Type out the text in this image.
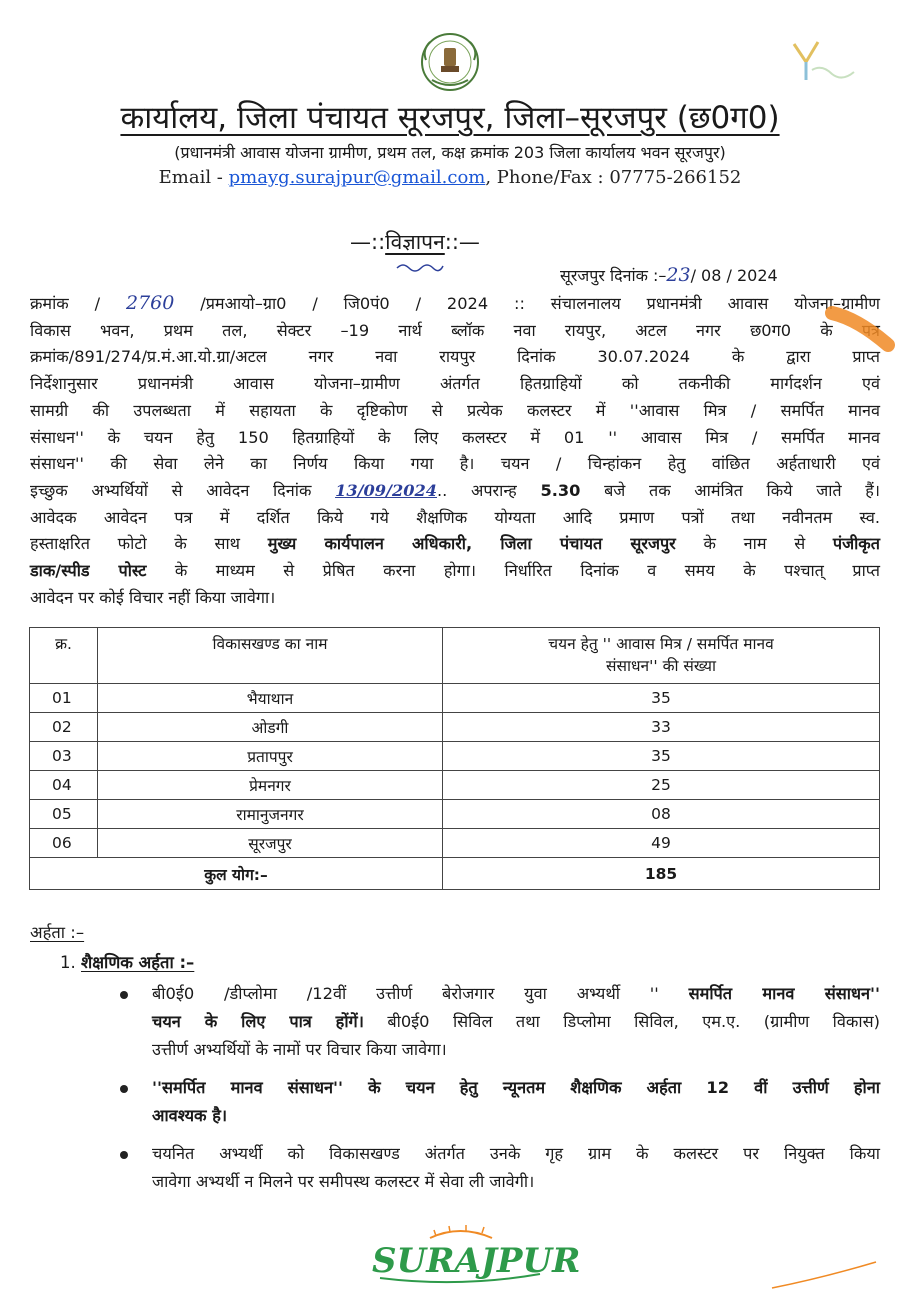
कार्यालय, जिला पंचायत सूरजपुर, जिला–सूरजपुर (छ0ग0)
(प्रधानमंत्री आवास योजना ग्रामीण, प्रथम तल, कक्ष क्रमांक 203 जिला कार्यालय भवन सूरजपुर)
Email - pmayg.surajpur@gmail.com, Phone/Fax : 07775-266152
—::विज्ञापन::—
सूरजपुर दिनांक :–23/ 08 / 2024
क्रमांक / 2760 /प्रमआयो–ग्रा0 / जि0पं0 / 2024 :: संचालनालय प्रधानमंत्री आवास योजना–ग्रामीण
विकास भवन, प्रथम तल, सेक्टर –19 नार्थ ब्लॉक नवा रायपुर, अटल नगर छ0ग0 के पत्र
क्रमांक/891/274/प्र.मं.आ.यो.ग्रा/अटल नगर नवा रायपुर दिनांक 30.07.2024 के द्वारा प्राप्त
निर्देशानुसार प्रधानमंत्री आवास योजना–ग्रामीण अंतर्गत हितग्राहियों को तकनीकी मार्गदर्शन एवं
सामग्री की उपलब्धता में सहायता के दृष्टिकोण से प्रत्येक कलस्टर में ''आवास मित्र / समर्पित मानव
संसाधन'' के चयन हेतु 150 हितग्राहियों के लिए कलस्टर में 01 '' आवास मित्र / समर्पित मानव
संसाधन'' की सेवा लेने का निर्णय किया गया है। चयन / चिन्हांकन हेतु वांछित अर्हताधारी एवं
इच्छुक अभ्यर्थियों से आवेदन दिनांक 13/09/2024.. अपरान्ह 5.30 बजे तक आमंत्रित किये जाते हैं।
आवेदक आवेदन पत्र में दर्शित किये गये शैक्षणिक योग्यता आदि प्रमाण पत्रों तथा नवीनतम स्व.
हस्ताक्षरित फोटो के साथ मुख्य कार्यपालन अधिकारी, जिला पंचायत सूरजपुर के नाम से पंजीकृत
डाक/स्पीड पोस्ट के माध्यम से प्रेषित करना होगा। निर्धारित दिनांक व समय के पश्चात् प्राप्त
आवेदन पर कोई विचार नहीं किया जावेगा।
क्र.	विकासखण्ड का नाम	चयन हेतु '' आवास मित्र / समर्पित मानव
संसाधन'' की संख्या
01	भैयाथान	35
02	ओडगी	33
03	प्रतापपुर	35
04	प्रेमनगर	25
05	रामानुजनगर	08
06	सूरजपुर	49
कुल योग:–		185
अर्हता :–
1. शैक्षणिक अर्हता :–
बी0ई0 /डीप्लोमा /12वीं उत्तीर्ण बेरोजगार युवा अभ्यर्थी '' समर्पित मानव संसाधन''
चयन के लिए पात्र होंगें। बी0ई0 सिविल तथा डिप्लोमा सिविल, एम.ए. (ग्रामीण विकास)
उत्तीर्ण अभ्यर्थियों के नामों पर विचार किया जावेगा।
''समर्पित मानव संसाधन'' के चयन हेतु न्यूनतम शैक्षणिक अर्हता 12 वीं उत्तीर्ण होना
आवश्यक है।
चयनित अभ्यर्थी को विकासखण्ड अंतर्गत उनके गृह ग्राम के कलस्टर पर नियुक्त किया
जावेगा अभ्यर्थी न मिलने पर समीपस्थ कलस्टर में सेवा ली जावेगी।
SURAJPUR
